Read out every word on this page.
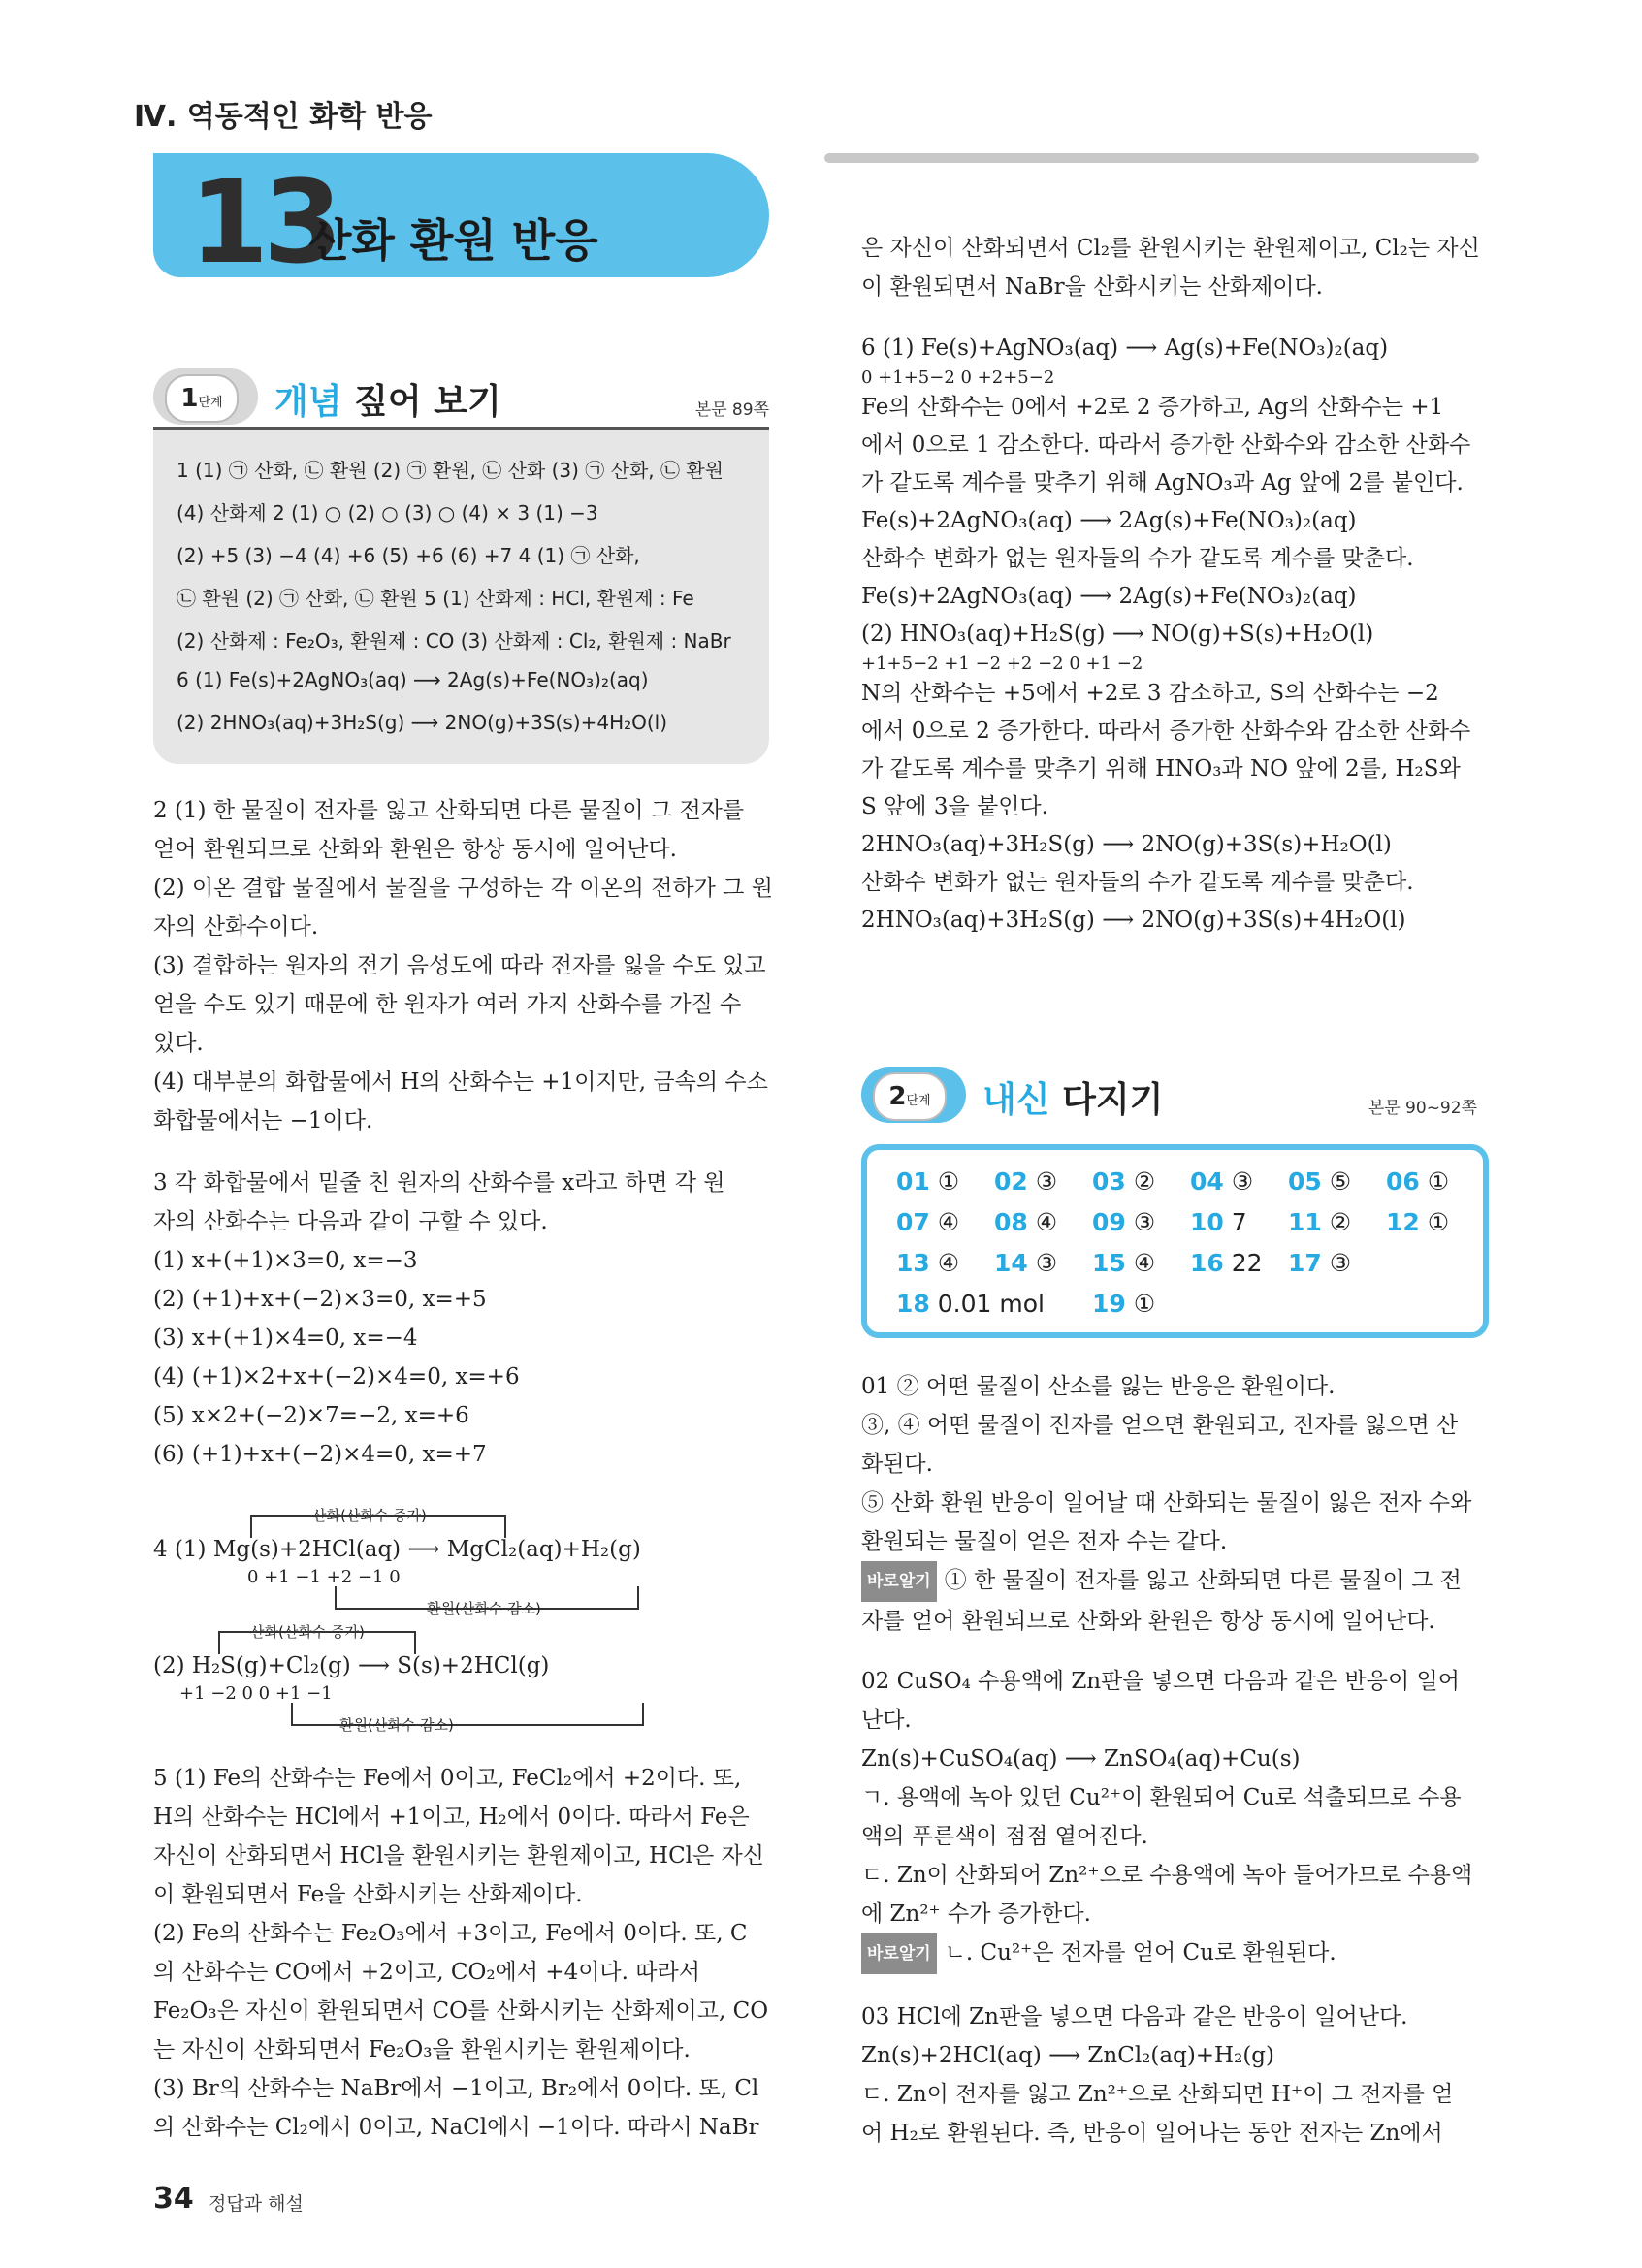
Ⅳ. 역동적인 화학 반응
13
산화 환원 반응
1단계	개념 짚어 보기	본문 89쪽
1 (1) ㉠ 산화, ㉡ 환원 (2) ㉠ 환원, ㉡ 산화 (3) ㉠ 산화, ㉡ 환원
(4) 산화제 2 (1) ○ (2) ○ (3) ○ (4) × 3 (1) −3
(2) +5 (3) −4 (4) +6 (5) +6 (6) +7 4 (1) ㉠ 산화,
㉡ 환원 (2) ㉠ 산화, ㉡ 환원 5 (1) 산화제 : HCl, 환원제 : Fe
(2) 산화제 : Fe₂O₃, 환원제 : CO (3) 산화제 : Cl₂, 환원제 : NaBr
6 (1) Fe(s)+2AgNO₃(aq) ⟶ 2Ag(s)+Fe(NO₃)₂(aq)
(2) 2HNO₃(aq)+3H₂S(g) ⟶ 2NO(g)+3S(s)+4H₂O(l)
2 (1) 한 물질이 전자를 잃고 산화되면 다른 물질이 그 전자를
얻어 환원되므로 산화와 환원은 항상 동시에 일어난다.
(2) 이온 결합 물질에서 물질을 구성하는 각 이온의 전하가 그 원
자의 산화수이다.
(3) 결합하는 원자의 전기 음성도에 따라 전자를 잃을 수도 있고
얻을 수도 있기 때문에 한 원자가 여러 가지 산화수를 가질 수
있다.
(4) 대부분의 화합물에서 H의 산화수는 +1이지만, 금속의 수소
화합물에서는 −1이다.
3 각 화합물에서 밑줄 친 원자의 산화수를 x라고 하면 각 원
자의 산화수는 다음과 같이 구할 수 있다.
(1) x+(+1)×3=0, x=−3
(2) (+1)+x+(−2)×3=0, x=+5
(3) x+(+1)×4=0, x=−4
(4) (+1)×2+x+(−2)×4=0, x=+6
(5) x×2+(−2)×7=−2, x=+6
(6) (+1)+x+(−2)×4=0, x=+7
산화(산화수 증가)
4 (1) Mg(s)+2HCl(aq) ⟶ MgCl₂(aq)+H₂(g)
0 +1 −1 +2 −1 0
환원(산화수 감소)
산화(산화수 증가)
(2) H₂S(g)+Cl₂(g) ⟶ S(s)+2HCl(g)
+1 −2 0 0 +1 −1
환원(산화수 감소)
5 (1) Fe의 산화수는 Fe에서 0이고, FeCl₂에서 +2이다. 또,
H의 산화수는 HCl에서 +1이고, H₂에서 0이다. 따라서 Fe은
자신이 산화되면서 HCl을 환원시키는 환원제이고, HCl은 자신
이 환원되면서 Fe을 산화시키는 산화제이다.
(2) Fe의 산화수는 Fe₂O₃에서 +3이고, Fe에서 0이다. 또, C
의 산화수는 CO에서 +2이고, CO₂에서 +4이다. 따라서
Fe₂O₃은 자신이 환원되면서 CO를 산화시키는 산화제이고, CO
는 자신이 산화되면서 Fe₂O₃을 환원시키는 환원제이다.
(3) Br의 산화수는 NaBr에서 −1이고, Br₂에서 0이다. 또, Cl
의 산화수는 Cl₂에서 0이고, NaCl에서 −1이다. 따라서 NaBr
은 자신이 산화되면서 Cl₂를 환원시키는 환원제이고, Cl₂는 자신
이 환원되면서 NaBr을 산화시키는 산화제이다.
6 (1) Fe(s)+AgNO₃(aq) ⟶ Ag(s)+Fe(NO₃)₂(aq)
0 +1+5−2 0 +2+5−2
Fe의 산화수는 0에서 +2로 2 증가하고, Ag의 산화수는 +1
에서 0으로 1 감소한다. 따라서 증가한 산화수와 감소한 산화수
가 같도록 계수를 맞추기 위해 AgNO₃과 Ag 앞에 2를 붙인다.
Fe(s)+2AgNO₃(aq) ⟶ 2Ag(s)+Fe(NO₃)₂(aq)
산화수 변화가 없는 원자들의 수가 같도록 계수를 맞춘다.
Fe(s)+2AgNO₃(aq) ⟶ 2Ag(s)+Fe(NO₃)₂(aq)
(2) HNO₃(aq)+H₂S(g) ⟶ NO(g)+S(s)+H₂O(l)
+1+5−2 +1 −2 +2 −2 0 +1 −2
N의 산화수는 +5에서 +2로 3 감소하고, S의 산화수는 −2
에서 0으로 2 증가한다. 따라서 증가한 산화수와 감소한 산화수
가 같도록 계수를 맞추기 위해 HNO₃과 NO 앞에 2를, H₂S와
S 앞에 3을 붙인다.
2HNO₃(aq)+3H₂S(g) ⟶ 2NO(g)+3S(s)+H₂O(l)
산화수 변화가 없는 원자들의 수가 같도록 계수를 맞춘다.
2HNO₃(aq)+3H₂S(g) ⟶ 2NO(g)+3S(s)+4H₂O(l)
2단계	내신 다지기	본문 90~92쪽
01 ① 02 ③ 03 ② 04 ③ 05 ⑤ 06 ①
07 ④ 08 ④ 09 ③ 10 7 11 ② 12 ①
13 ④ 14 ③ 15 ④ 16 22 17 ③
18 0.01 mol 19 ①
01 ② 어떤 물질이 산소를 잃는 반응은 환원이다.
③, ④ 어떤 물질이 전자를 얻으면 환원되고, 전자를 잃으면 산
화된다.
⑤ 산화 환원 반응이 일어날 때 산화되는 물질이 잃은 전자 수와
환원되는 물질이 얻은 전자 수는 같다.
바로알기 ① 한 물질이 전자를 잃고 산화되면 다른 물질이 그 전
자를 얻어 환원되므로 산화와 환원은 항상 동시에 일어난다.
02 CuSO₄ 수용액에 Zn판을 넣으면 다음과 같은 반응이 일어
난다.
Zn(s)+CuSO₄(aq) ⟶ ZnSO₄(aq)+Cu(s)
ㄱ. 용액에 녹아 있던 Cu²⁺이 환원되어 Cu로 석출되므로 수용
액의 푸른색이 점점 옅어진다.
ㄷ. Zn이 산화되어 Zn²⁺으로 수용액에 녹아 들어가므로 수용액
에 Zn²⁺ 수가 증가한다.
바로알기 ㄴ. Cu²⁺은 전자를 얻어 Cu로 환원된다.
03 HCl에 Zn판을 넣으면 다음과 같은 반응이 일어난다.
Zn(s)+2HCl(aq) ⟶ ZnCl₂(aq)+H₂(g)
ㄷ. Zn이 전자를 잃고 Zn²⁺으로 산화되면 H⁺이 그 전자를 얻
어 H₂로 환원된다. 즉, 반응이 일어나는 동안 전자는 Zn에서
34 정답과 해설
